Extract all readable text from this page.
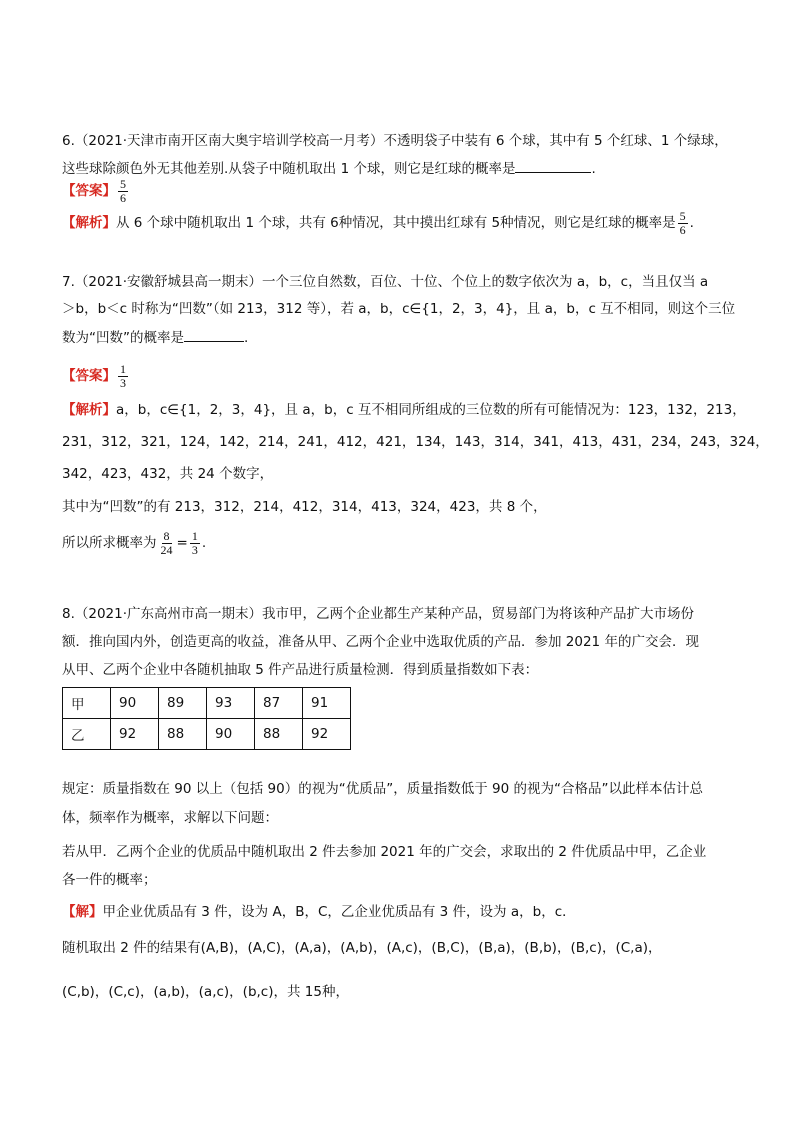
6.（2021·天津市南开区南大奥宇培训学校高一月考）不透明袋子中装有 6 个球，其中有 5 个红球、1 个绿球，
这些球除颜色外无其他差别.从袋子中随机取出 1 个球，则它是红球的概率是	.
【答案】 $\frac{5}{6}$
【解析】从 6 个球中随机取出 1 个球，共有 6种情况，其中摸出红球有 5种情况，则它是红球的概率是 $\frac{5}{6}$ .
7.（2021·安徽舒城县高一期末）一个三位自然数，百位、十位、个位上的数字依次为 a，b，c，当且仅当 a
＞b，b＜c 时称为“凹数”（如 213，312 等），若 a，b，c∈{1，2，3，4}，且 a，b，c 互不相同，则这个三位
数为“凹数”的概率是	.
【答案】 $\frac{1}{3}$
【解析】a，b，c∈{1，2，3，4}，且 a，b，c 互不相同所组成的三位数的所有可能情况为：123，132，213，
231，312，321，124，142，214，241，412，421，134，143，314，341，413，431，234，243，324，
342，423，432，共 24 个数字，
其中为“凹数”的有 213，312，214，412，314，413，324，423，共 8 个，
所以所求概率为 $\frac{8}{24} = \frac{1}{3}$ .
8.（2021·广东高州市高一期末）我市甲，乙两个企业都生产某种产品，贸易部门为将该种产品扩大市场份
额．推向国内外，创造更高的收益，准备从甲、乙两个企业中选取优质的产品．参加 2021 年的广交会．现
从甲、乙两个企业中各随机抽取 5 件产品进行质量检测．得到质量指数如下表：
甲	90	89	93	87	91
乙	92	88	90	88	92
规定：质量指数在 90 以上（包括 90）的视为“优质品”，质量指数低于 90 的视为“合格品”以此样本估计总
体，频率作为概率，求解以下问题：
若从甲．乙两个企业的优质品中随机取出 2 件去参加 2021 年的广交会，求取出的 2 件优质品中甲，乙企业
各一件的概率；
【解】甲企业优质品有 3 件，设为 A，B，C，乙企业优质品有 3 件，设为 a，b，c．
随机取出 2 件的结果有(A,B)，(A,C)，(A,a)，(A,b)，(A,c)，(B,C)，(B,a)，(B,b)，(B,c)，(C,a)，
(C,b)，(C,c)，(a,b)，(a,c)，(b,c)，共 15种，
